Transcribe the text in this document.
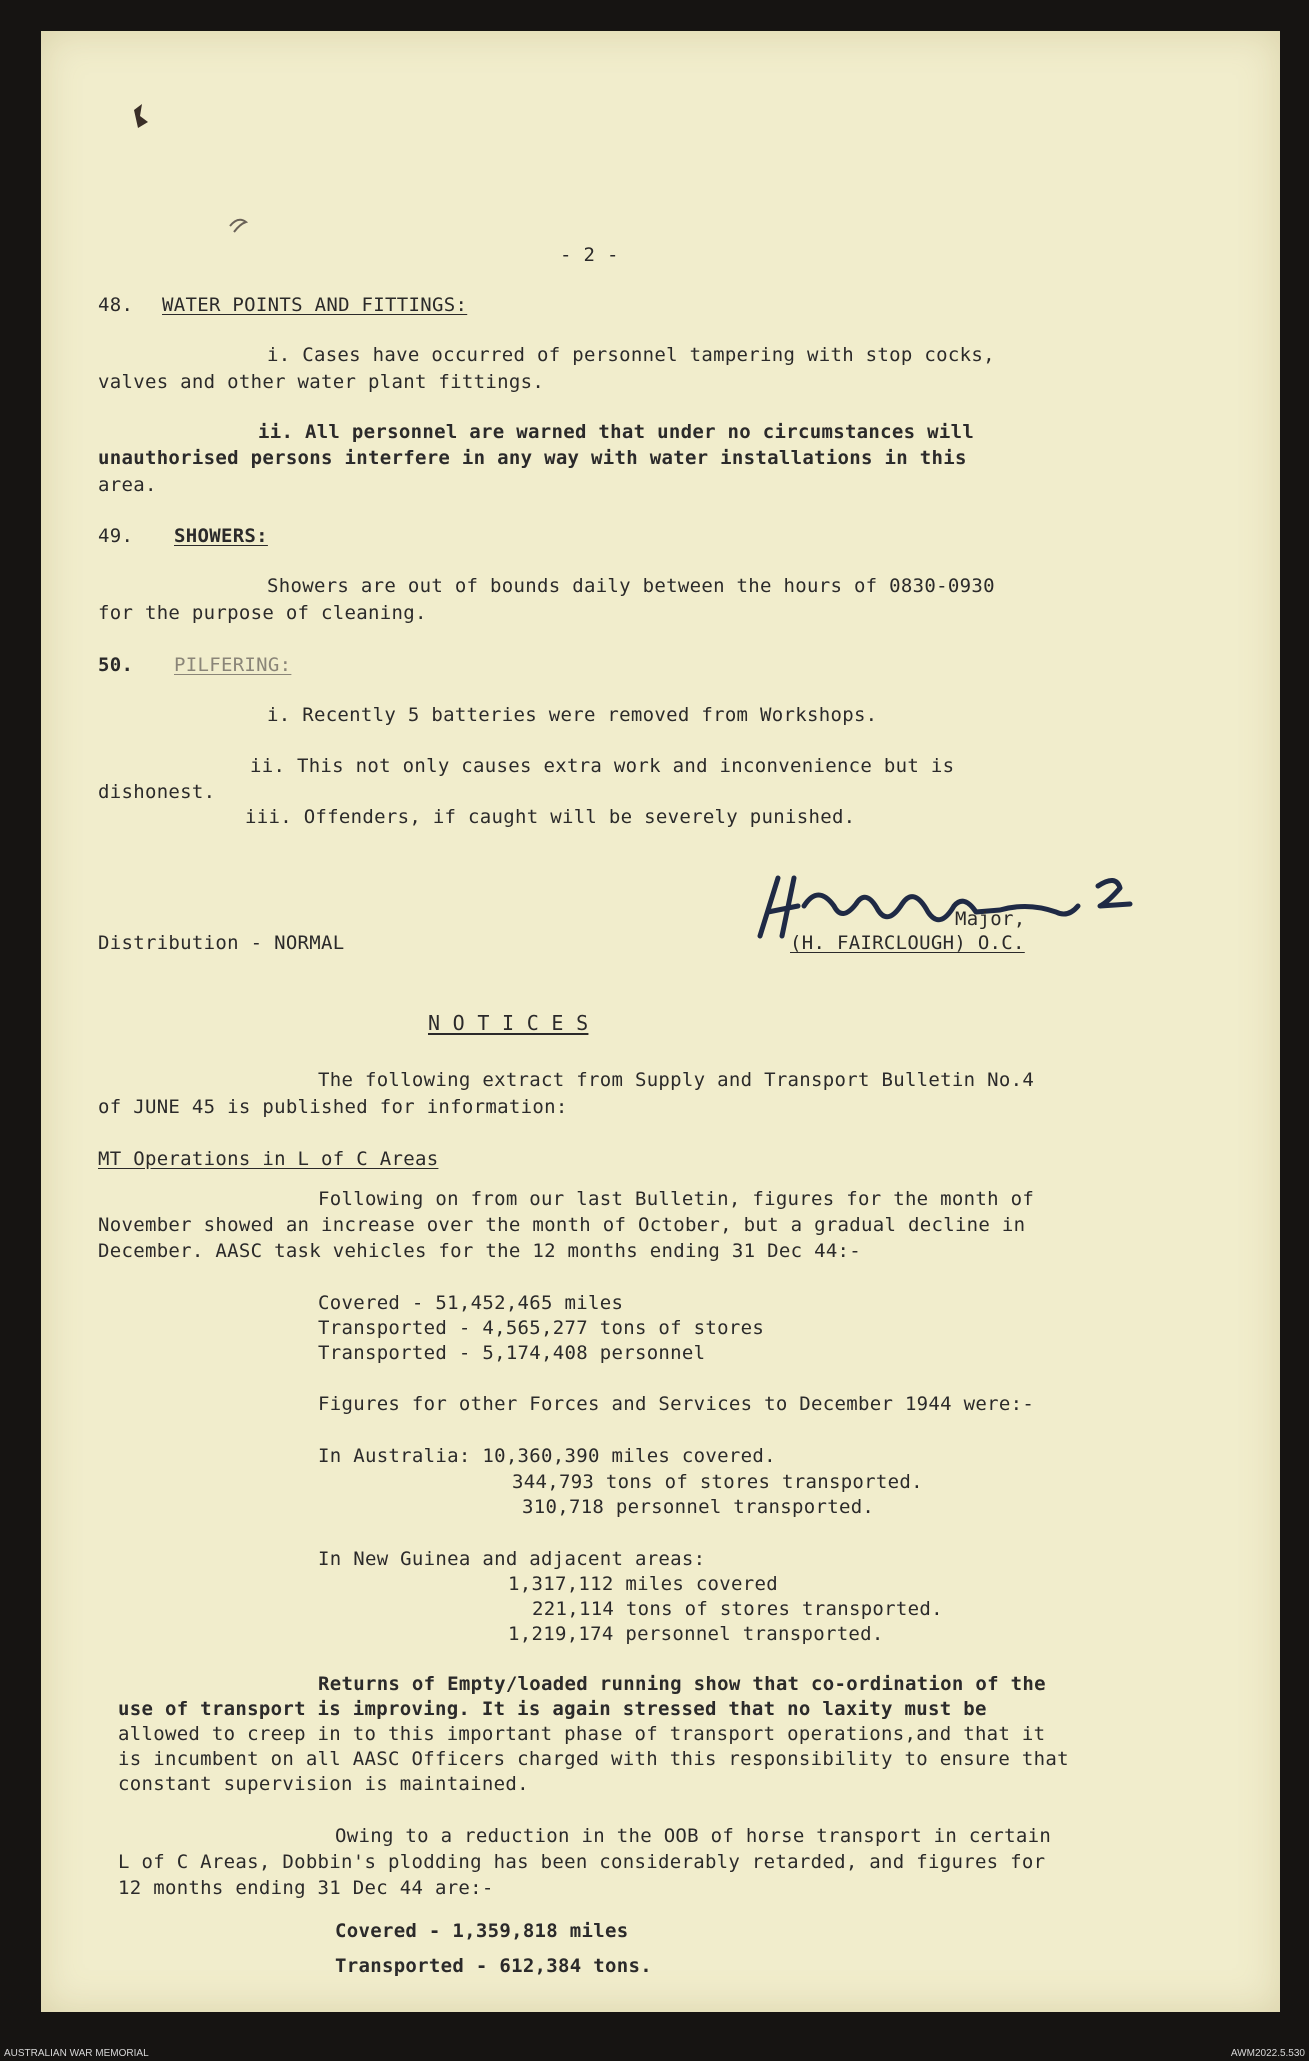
- 2 -
48. WATER POINTS AND FITTINGS:
i. Cases have occurred of personnel tampering with stop cocks,
valves and other water plant fittings.
ii. All personnel are warned that under no circumstances will
unauthorised persons interfere in any way with water installations in this
area.
49. SHOWERS:
Showers are out of bounds daily between the hours of 0830-0930
for the purpose of cleaning.
50. PILFERING:
i. Recently 5 batteries were removed from Workshops.
ii. This not only causes extra work and inconvenience but is
dishonest.
iii. Offenders, if caught will be severely punished.
Major,
(H. FAIRCLOUGH) O.C.
Distribution - NORMAL
N O T I C E S
The following extract from Supply and Transport Bulletin No.4
of JUNE 45 is published for information:
MT Operations in L of C Areas
Following on from our last Bulletin, figures for the month of
November showed an increase over the month of October, but a gradual decline in
December. AASC task vehicles for the 12 months ending 31 Dec 44:-
Covered - 51,452,465 miles
Transported - 4,565,277 tons of stores
Transported - 5,174,408 personnel
Figures for other Forces and Services to December 1944 were:-
In Australia: 10,360,390 miles covered.
344,793 tons of stores transported.
310,718 personnel transported.
In New Guinea and adjacent areas:
1,317,112 miles covered
221,114 tons of stores transported.
1,219,174 personnel transported.
Returns of Empty/loaded running show that co-ordination of the
use of transport is improving. It is again stressed that no laxity must be
allowed to creep in to this important phase of transport operations,and that it
is incumbent on all AASC Officers charged with this responsibility to ensure that
constant supervision is maintained.
Owing to a reduction in the OOB of horse transport in certain
L of C Areas, Dobbin's plodding has been considerably retarded, and figures for
12 months ending 31 Dec 44 are:-
Covered - 1,359,818 miles
Transported - 612,384 tons.
AUSTRALIAN WAR MEMORIAL	AWM2022.5.530
